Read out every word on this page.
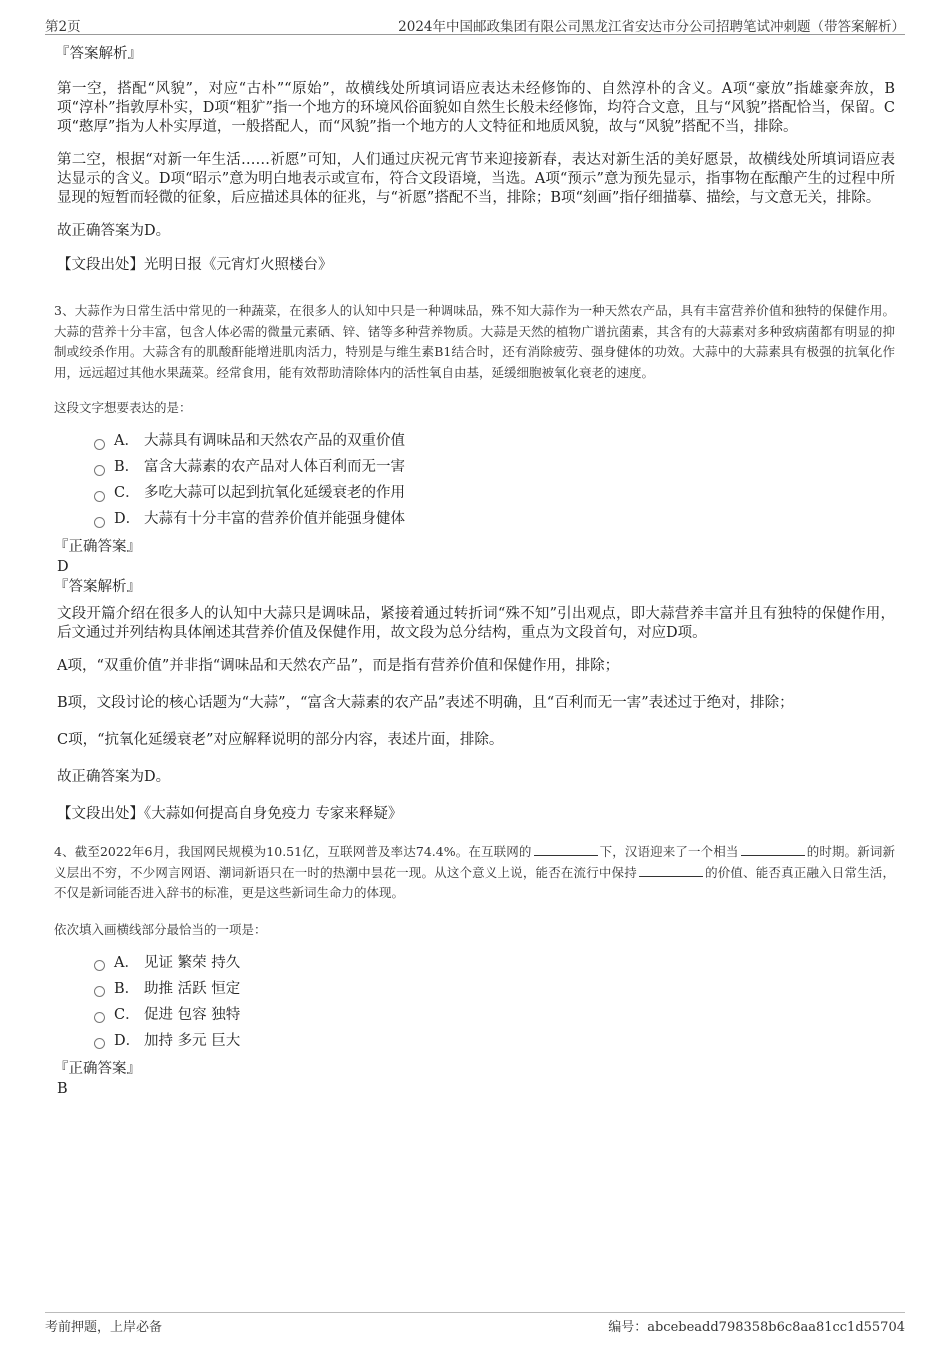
第2页	2024年中国邮政集团有限公司黑龙江省安达市分公司招聘笔试冲刺题（带答案解析）

『答案解析』

第一空，搭配“风貌”，对应“古朴”“原始”，故横线处所填词语应表达未经修饰的、自然淳朴的含义。A项“豪放”指雄豪奔放，B项“淳朴”指敦厚朴实，D项“粗犷”指一个地方的环境风俗面貌如自然生长般未经修饰，均符合文意，且与“风貌”搭配恰当，保留。C项“憨厚”指为人朴实厚道，一般搭配人，而“风貌”指一个地方的人文特征和地质风貌，故与“风貌”搭配不当，排除。

第二空，根据“对新一年生活……祈愿”可知，人们通过庆祝元宵节来迎接新春，表达对新生活的美好愿景，故横线处所填词语应表达显示的含义。D项“昭示”意为明白地表示或宣布，符合文段语境，当选。A项“预示”意为预先显示，指事物在酝酿产生的过程中所显现的短暂而轻微的征象，后应描述具体的征兆，与“祈愿”搭配不当，排除；B项“刻画”指仔细描摹、描绘，与文意无关，排除。

故正确答案为D。

【文段出处】光明日报《元宵灯火照楼台》

3、大蒜作为日常生活中常见的一种蔬菜，在很多人的认知中只是一种调味品，殊不知大蒜作为一种天然农产品，具有丰富营养价值和独特的保健作用。大蒜的营养十分丰富，包含人体必需的微量元素硒、锌、锗等多种营养物质。大蒜是天然的植物广谱抗菌素，其含有的大蒜素对多种致病菌都有明显的抑制或绞杀作用。大蒜含有的肌酸酐能增进肌肉活力，特别是与维生素B1结合时，还有消除疲劳、强身健体的功效。大蒜中的大蒜素具有极强的抗氧化作用，远远超过其他水果蔬菜。经常食用，能有效帮助清除体内的活性氧自由基，延缓细胞被氧化衰老的速度。

这段文字想要表达的是：

A． 大蒜具有调味品和天然农产品的双重价值
B． 富含大蒜素的农产品对人体百利而无一害
C． 多吃大蒜可以起到抗氧化延缓衰老的作用
D． 大蒜有十分丰富的营养价值并能强身健体

『正确答案』

D

『答案解析』

文段开篇介绍在很多人的认知中大蒜只是调味品，紧接着通过转折词“殊不知”引出观点，即大蒜营养丰富并且有独特的保健作用，后文通过并列结构具体阐述其营养价值及保健作用，故文段为总分结构，重点为文段首句，对应D项。

A项，“双重价值”并非指“调味品和天然农产品”，而是指有营养价值和保健作用，排除；

B项，文段讨论的核心话题为“大蒜”，“富含大蒜素的农产品”表述不明确，且“百利而无一害”表述过于绝对，排除；

C项，“抗氧化延缓衰老”对应解释说明的部分内容，表述片面，排除。

故正确答案为D。

【文段出处】《大蒜如何提高自身免疫力 专家来释疑》

4、截至2022年6月，我国网民规模为10.51亿，互联网普及率达74.4%。在互联网的	下，汉语迎来了一个相当	的时期。新词新义层出不穷，不少网言网语、潮词新语只在一时的热潮中昙花一现。从这个意义上说，能否在流行中保持	的价值、能否真正融入日常生活，不仅是新词能否进入辞书的标准，更是这些新词生命力的体现。

依次填入画横线部分最恰当的一项是：

A． 见证 繁荣 持久
B． 助推 活跃 恒定
C． 促进 包容 独特
D． 加持 多元 巨大

『正确答案』

B

考前押题，上岸必备	编号：abcebeadd798358b6c8aa81cc1d55704
